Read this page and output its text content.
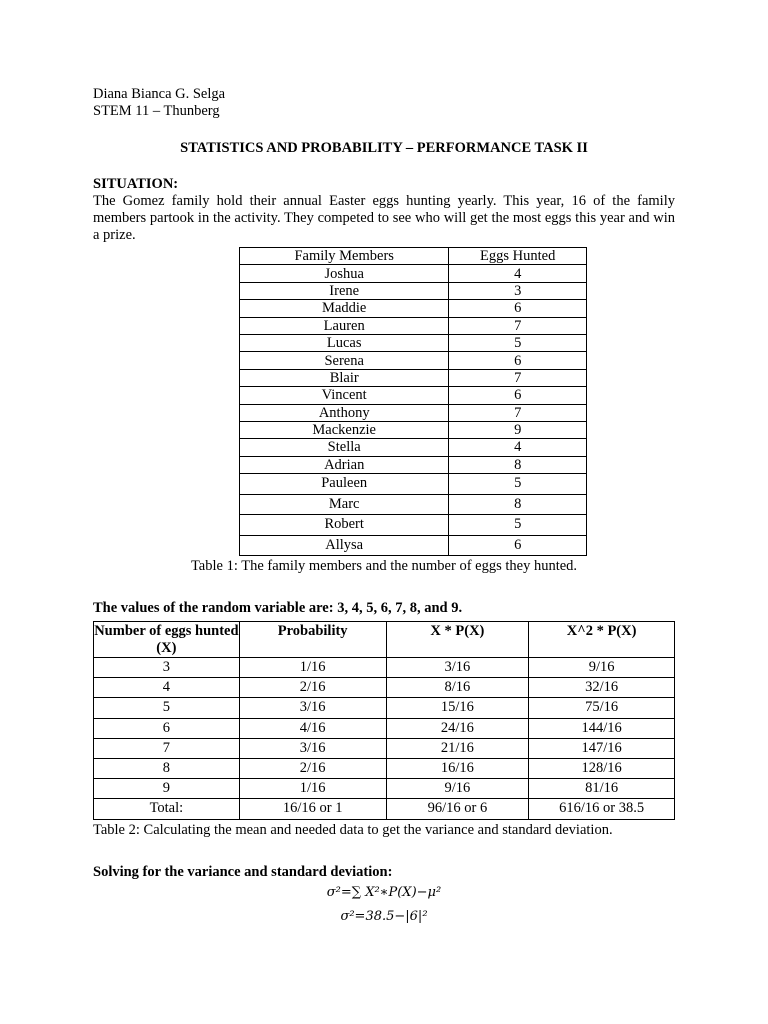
Diana Bianca G. Selga
STEM 11 – Thunberg
STATISTICS AND PROBABILITY – PERFORMANCE TASK II
SITUATION:
The Gomez family hold their annual Easter eggs hunting yearly. This year, 16 of the family members partook in the activity. They competed to see who will get the most eggs this year and win a prize.
Family Members	Eggs Hunted
Joshua	4
Irene	3
Maddie	6
Lauren	7
Lucas	5
Serena	6
Blair	7
Vincent	6
Anthony	7
Mackenzie	9
Stella	4
Adrian	8
Pauleen	5
Marc	8
Robert	5
Allysa	6
Table 1: The family members and the number of eggs they hunted.
The values of the random variable are: 3, 4, 5, 6, 7, 8, and 9.
Number of eggs hunted (X)	Probability	X * P(X)	X^2 * P(X)
3	1/16	3/16	9/16
4	2/16	8/16	32/16
5	3/16	15/16	75/16
6	4/16	24/16	144/16
7	3/16	21/16	147/16
8	2/16	16/16	128/16
9	1/16	9/16	81/16
Total:	16/16 or 1	96/16 or 6	616/16 or 38.5
Table 2: Calculating the mean and needed data to get the variance and standard deviation.
Solving for the variance and standard deviation:
σ²=∑ X²∗P(X)−μ²
σ²=38.5−|6|²
